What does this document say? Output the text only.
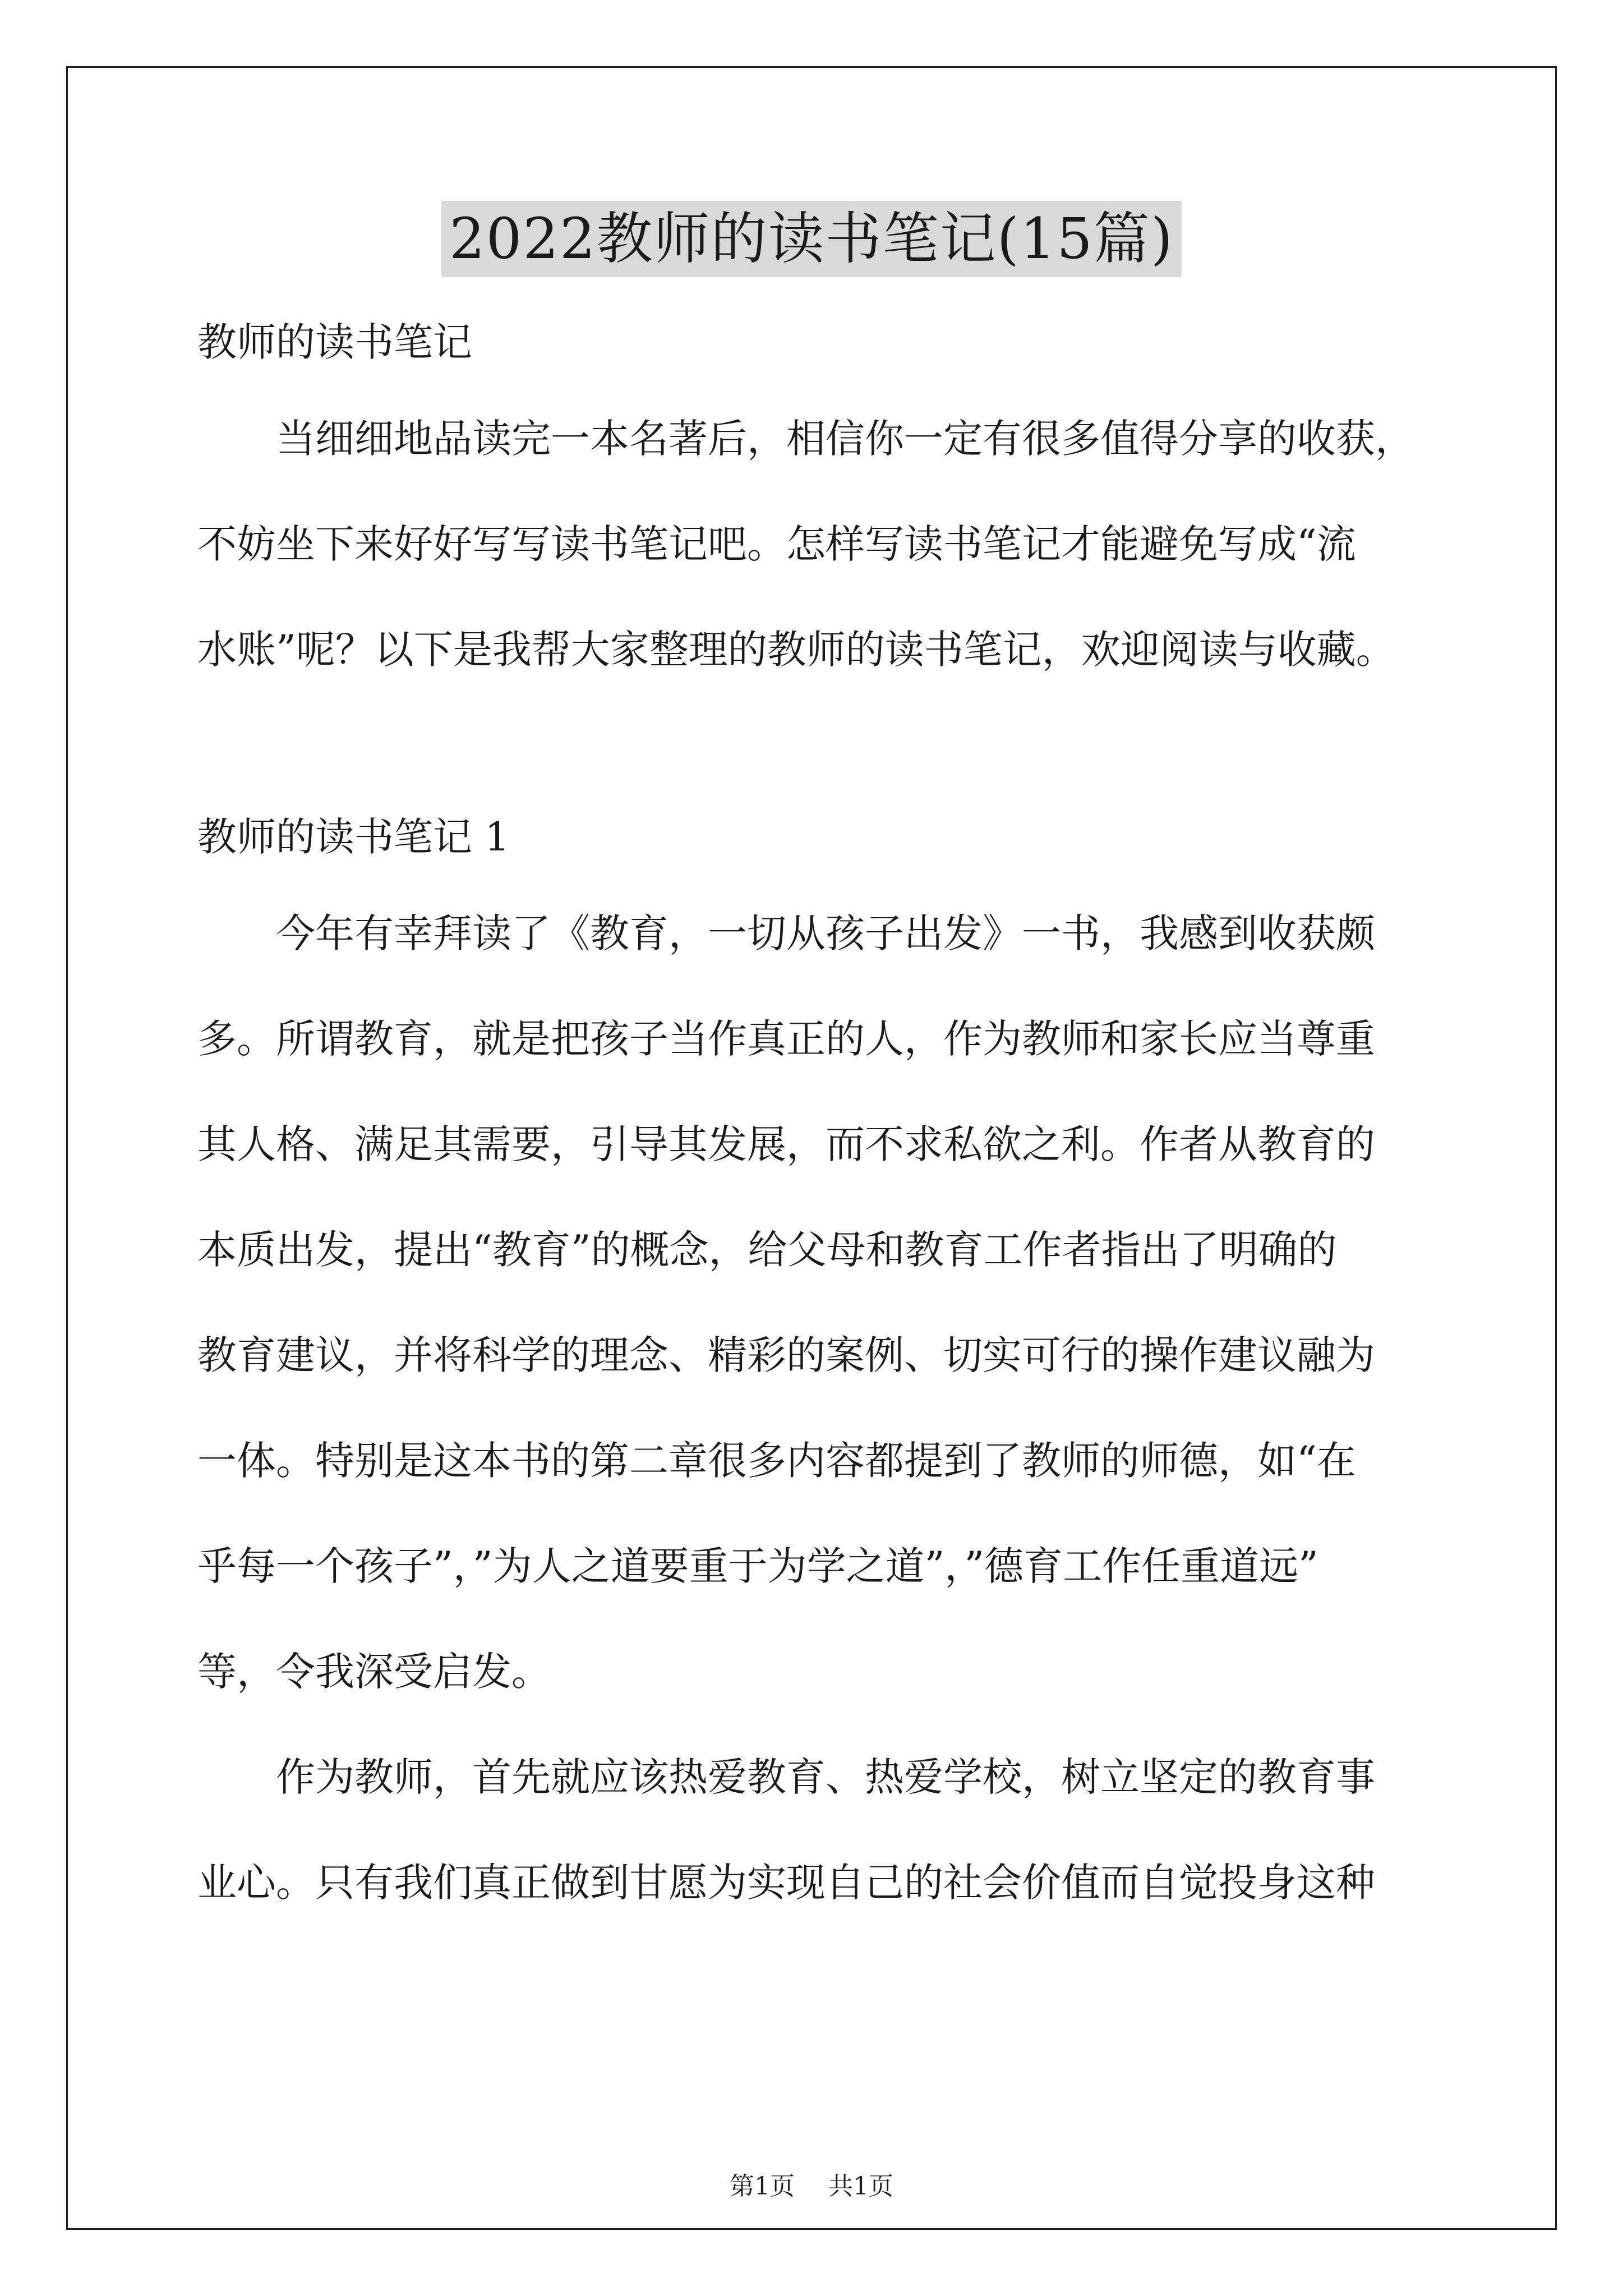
2022教师的读书笔记(15篇)

教师的读书笔记

当细细地品读完一本名著后，相信你一定有很多值得分享的收获，
不妨坐下来好好写写读书笔记吧。怎样写读书笔记才能避免写成“流
水账”呢？以下是我帮大家整理的教师的读书笔记，欢迎阅读与收藏。

教师的读书笔记 1

今年有幸拜读了《教育，一切从孩子出发》一书，我感到收获颇
多。所谓教育，就是把孩子当作真正的人，作为教师和家长应当尊重
其人格、满足其需要，引导其发展，而不求私欲之利。作者从教育的
本质出发，提出“教育”的概念，给父母和教育工作者指出了明确的
教育建议，并将科学的理念、精彩的案例、切实可行的操作建议融为
一体。特别是这本书的第二章很多内容都提到了教师的师德，如“在
乎每一个孩子”，”为人之道要重于为学之道”，”德育工作任重道远”
等，令我深受启发。
作为教师，首先就应该热爱教育、热爱学校，树立坚定的教育事
业心。只有我们真正做到甘愿为实现自己的社会价值而自觉投身这种
第1页 共1页
